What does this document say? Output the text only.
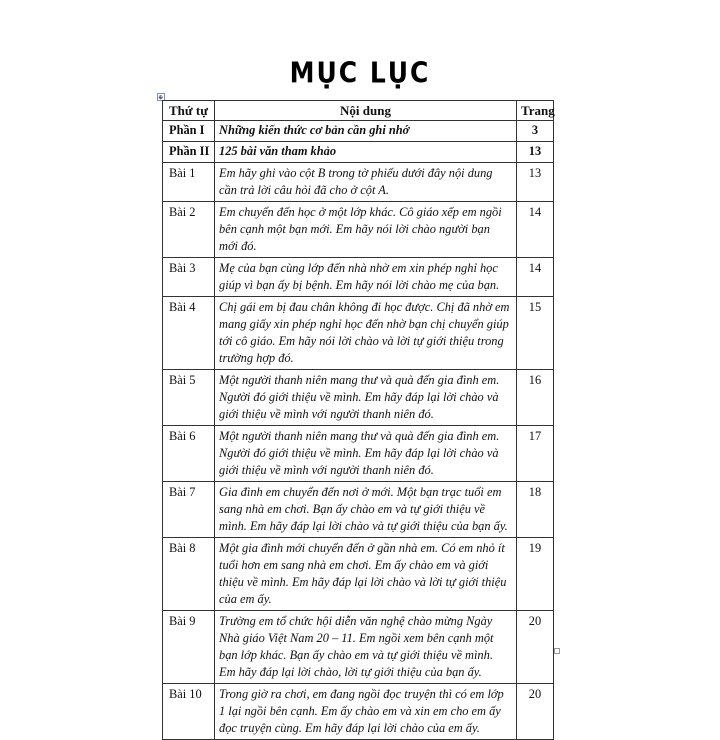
MỤC LỤC
⊕
Thứ tự	Nội dung	Trang
Phần I	Những kiến thức cơ bản cần ghi nhớ	3
Phần II	125 bài văn tham khảo	13
Bài 1	Em hãy ghi vào cột B trong tờ phiếu dưới đây nội dung cần trả lời câu hỏi đã cho ở cột A.	13
Bài 2	Em chuyển đến học ở một lớp khác. Cô giáo xếp em ngồi bên cạnh một bạn mới. Em hãy nói lời chào người bạn mới đó.	14
Bài 3	Mẹ của bạn cùng lớp đến nhà nhờ em xin phép nghỉ học giúp vì bạn ấy bị bệnh. Em hãy nói lời chào mẹ của bạn.	14
Bài 4	Chị gái em bị đau chân không đi học được. Chị đã nhờ em mang giấy xin phép nghỉ học đến nhờ bạn chị chuyển giúp tới cô giáo. Em hãy nói lời chào và lời tự giới thiệu trong trường hợp đó.	15
Bài 5	Một người thanh niên mang thư và quà đến gia đình em. Người đó giới thiệu về mình. Em hãy đáp lại lời chào và giới thiệu về mình với người thanh niên đó.	16
Bài 6	Một người thanh niên mang thư và quà đến gia đình em. Người đó giới thiệu về mình. Em hãy đáp lại lời chào và giới thiệu về mình với người thanh niên đó.	17
Bài 7	Gia đình em chuyển đến nơi ở mới. Một bạn trạc tuổi em sang nhà em chơi. Bạn ấy chào em và tự giới thiệu về mình. Em hãy đáp lại lời chào và tự giới thiệu của bạn ấy.	18
Bài 8	Một gia đình mới chuyển đến ở gần nhà em. Có em nhỏ ít tuổi hơn em sang nhà em chơi. Em ấy chào em và giới thiệu về mình. Em hãy đáp lại lời chào và lời tự giới thiệu của em ấy.	19
Bài 9	Trường em tổ chức hội diễn văn nghệ chào mừng Ngày Nhà giáo Việt Nam 20 – 11. Em ngồi xem bên cạnh một bạn lớp khác. Bạn ấy chào em và tự giới thiệu về mình. Em hãy đáp lại lời chào, lời tự giới thiệu của bạn ấy.	20
Bài 10	Trong giờ ra chơi, em đang ngồi đọc truyện thì có em lớp 1 lại ngồi bên cạnh. Em ấy chào em và xin em cho em ấy đọc truyện cùng. Em hãy đáp lại lời chào của em ấy.	20
